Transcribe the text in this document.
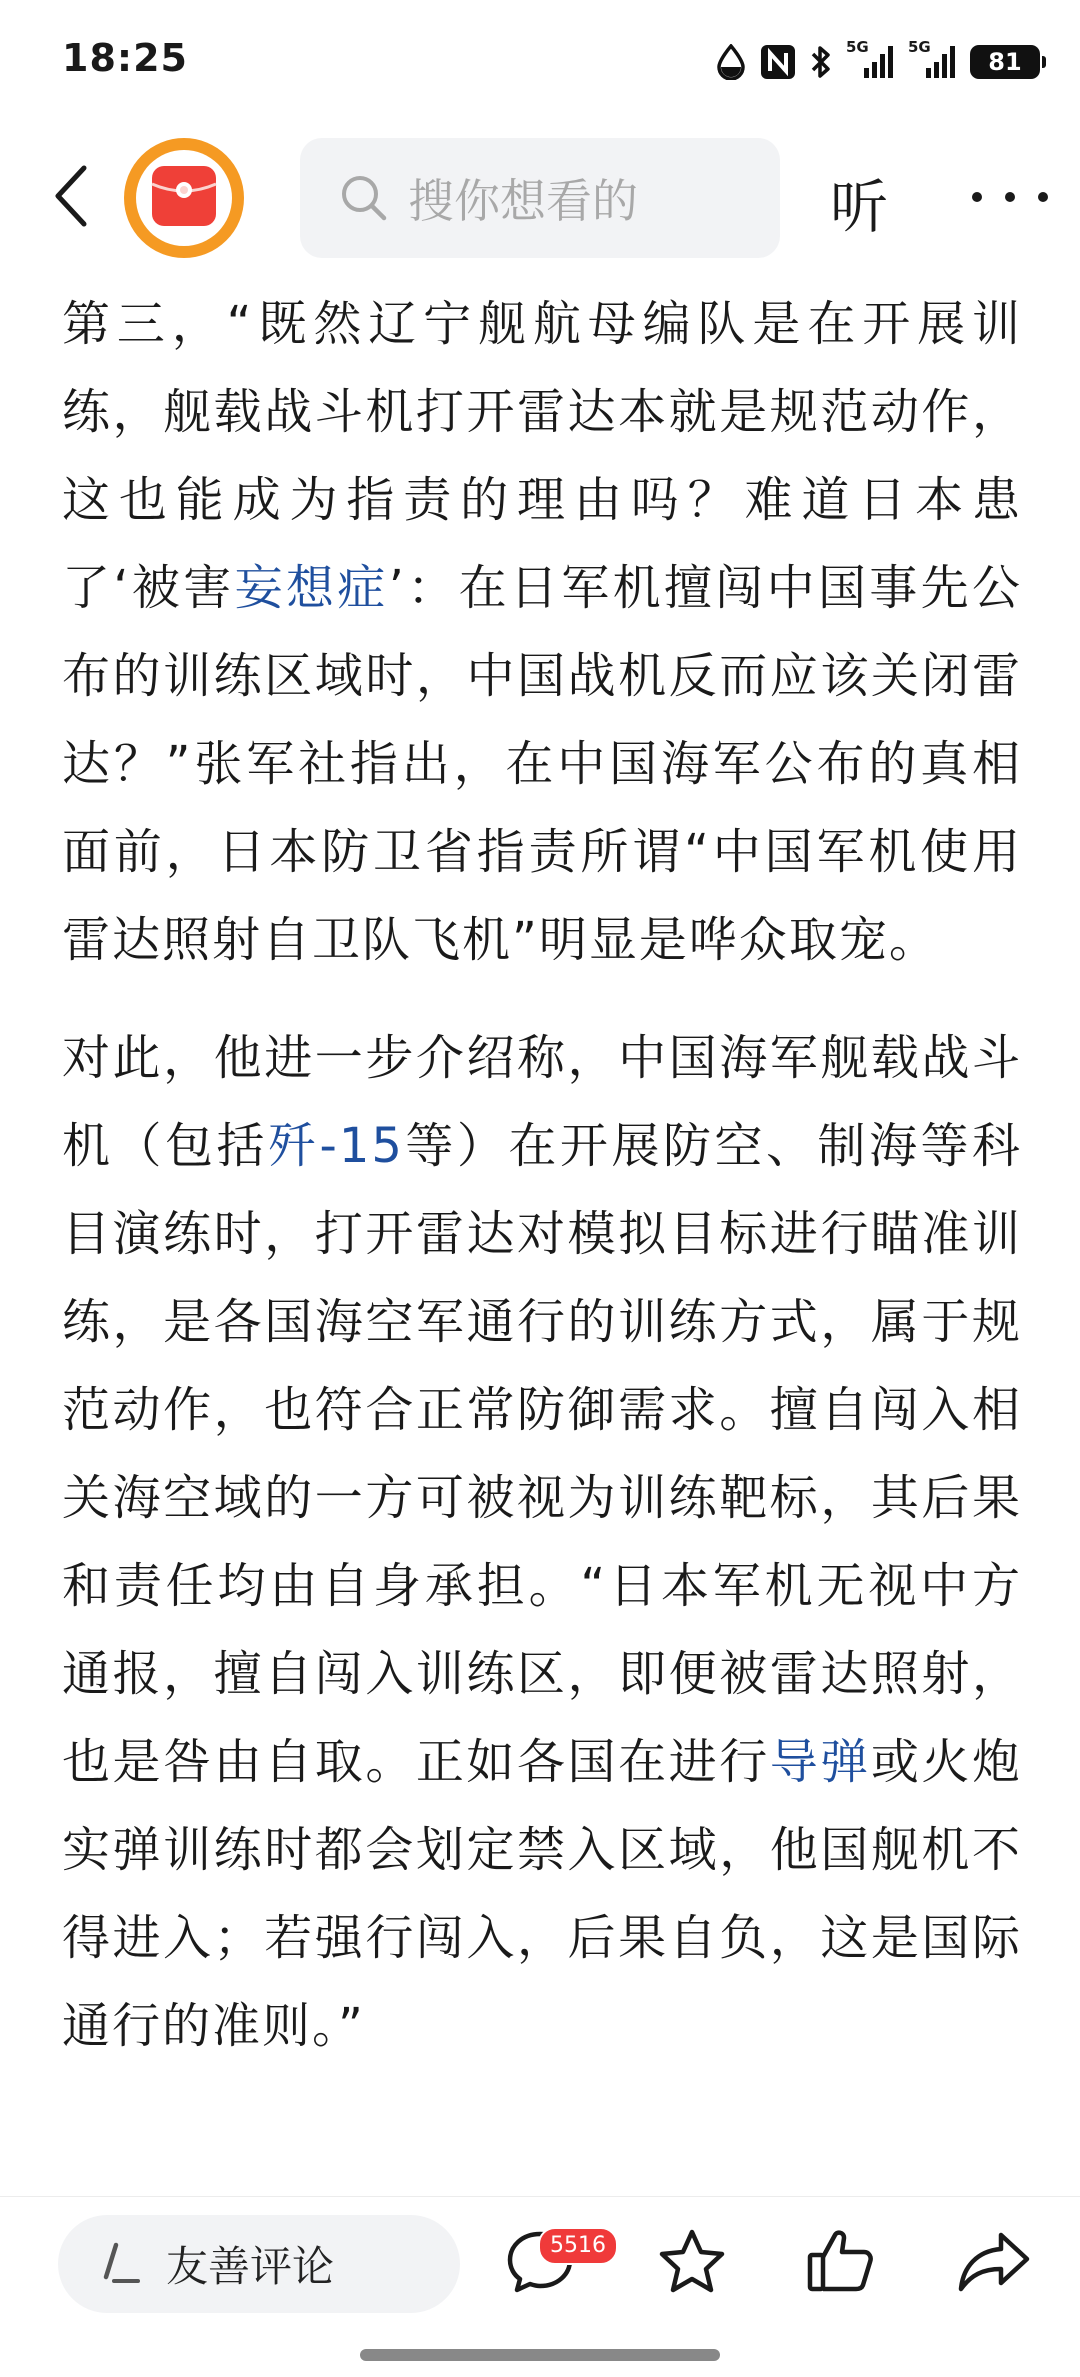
18:25	5G	5G
81
搜你想看的	听

第三，“既然辽宁舰航母编队是在开展训练，舰载战斗机打开雷达本就是规范动作，这也能成为指责的理由吗？难道日本患了‘被害妄想症’：在日军机擅闯中国事先公布的训练区域时，中国战机反而应该关闭雷达？”张军社指出，在中国海军公布的真相面前，日本防卫省指责所谓“中国军机使用雷达照射自卫队飞机”明显是哗众取宠。

对此，他进一步介绍称，中国海军舰载战斗机（包括歼-15等）在开展防空、制海等科目演练时，打开雷达对模拟目标进行瞄准训练，是各国海空军通行的训练方式，属于规范动作，也符合正常防御需求。擅自闯入相关海空域的一方可被视为训练靶标，其后果和责任均由自身承担。“日本军机无视中方通报，擅自闯入训练区，即便被雷达照射，也是咎由自取。正如各国在进行导弹或火炮实弹训练时都会划定禁入区域，他国舰机不得进入；若强行闯入，后果自负，这是国际通行的准则。”

友善评论	5516
